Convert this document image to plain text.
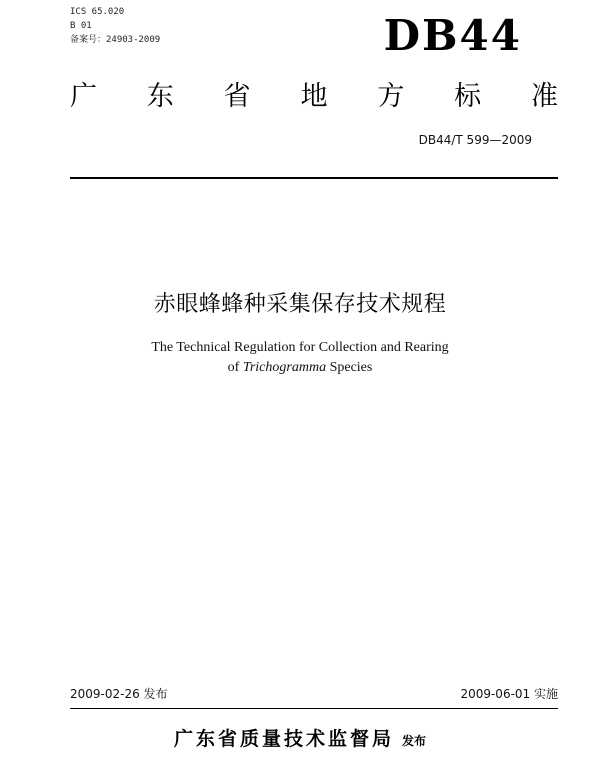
ICS 65.020
B 01
备案号：24903-2009	DB44
广 东 省 地 方 标 准
DB44/T 599—2009
赤眼蜂蜂种采集保存技术规程
The Technical Regulation for Collection and Rearing
of Trichogramma Species
2009-02-26 发布	2009-06-01 实施
广东省质量技术监督局 发布
